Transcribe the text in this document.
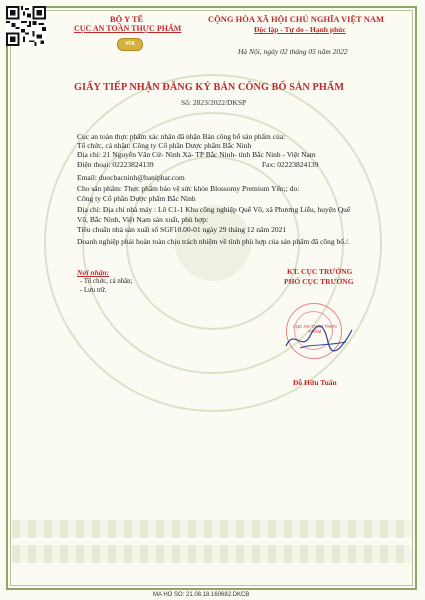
BỘ Y TẾ
CỤC AN TOÀN THỰC PHẨM
VFA
CỘNG HÒA XÃ HỘI CHỦ NGHĨA VIỆT NAM
Độc lập - Tự do - Hạnh phúc
Hà Nội, ngày 02 tháng 05 năm 2022
GIẤY TIẾP NHẬN ĐĂNG KÝ BẢN CÔNG BỐ SẢN PHẨM
Số: 2823/2022/DKSP
Cục an toàn thực phẩm xác nhận đã nhận Bản công bố sản phẩm của:
Tổ chức, cá nhân: Công ty Cổ phần Dược phẩm Bắc Ninh
Địa chỉ: 21 Nguyễn Văn Cừ- Ninh Xá- TP Bắc Ninh- tỉnh Bắc Ninh - Việt Nam
Điện thoại: 02223824139	Fax: 02223824139
Email: duocbacninh@baniphar.com
Cho sản phẩm: Thực phẩm bảo vệ sức khỏe Blossomy Premium Yến;; do:
Công ty Cổ phần Dược phẩm Bắc Ninh
Địa chỉ: Địa chỉ nhà máy : Lô C1-1 Khu công nghiệp Quế Võ, xã Phương Liễu, huyện Quế
Võ, Bắc Ninh, Việt Nam sản xuất, phù hợp:
Tiêu chuẩn nhà sản xuất số SGF10.00-01 ngày 29 tháng 12 năm 2021
Doanh nghiệp phải hoàn toàn chịu trách nhiệm về tính phù hợp của sản phẩm đã công bố./.
Nơi nhận:
- Tổ chức, cá nhân;
- Lưu trữ.
KT. CỤC TRƯỞNG
PHÓ CỤC TRƯỞNG
CỤC AN TOÀN THỰC PHẨM
Đỗ Hữu Tuấn
MA HO SO: 21.08.18.160682.DKCB
